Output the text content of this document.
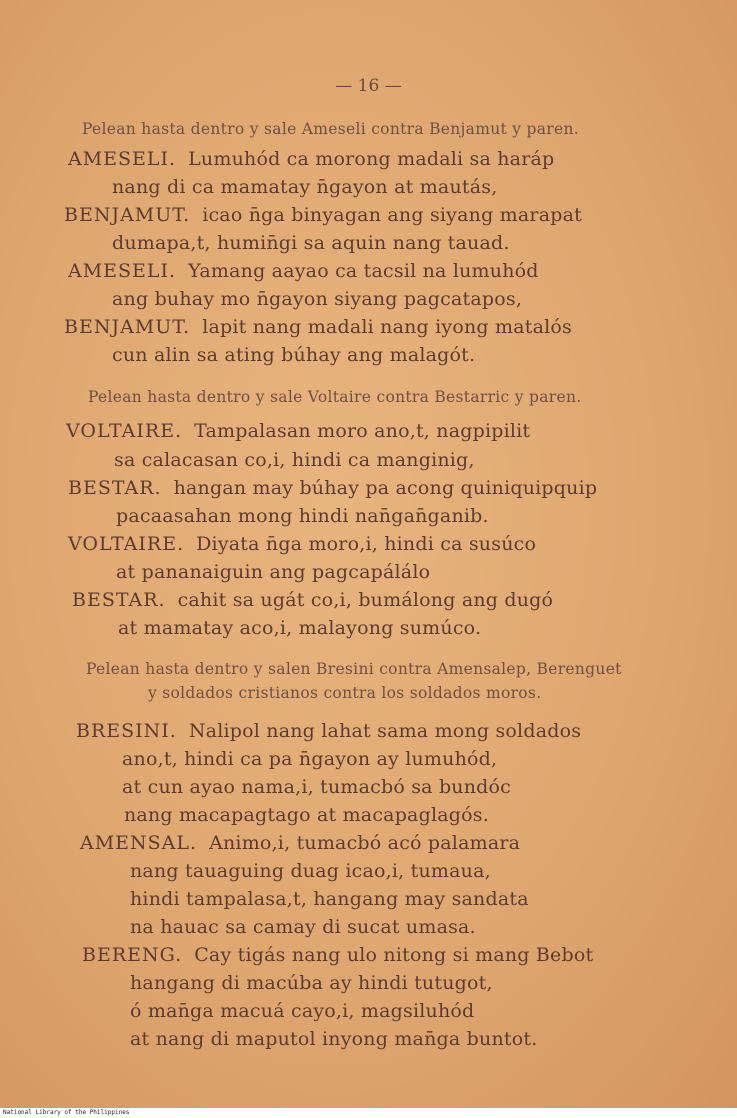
— 16 —
Pelean hasta dentro y sale Ameseli contra Benjamut y paren.
AMESELI. Lumuhód ca morong madali sa haráp
nang di ca mamatay n̄gayon at mautás,
BENJAMUT. icao n̄ga binyagan ang siyang marapat
dumapa,t, humin̄gi sa aquin nang tauad.
AMESELI. Yamang aayao ca tacsil na lumuhód
ang buhay mo n̄gayon siyang pagcatapos,
BENJAMUT. lapit nang madali nang iyong matalós
cun alin sa ating búhay ang malagót.
Pelean hasta dentro y sale Voltaire contra Bestarric y paren.
VOLTAIRE. Tampalasan moro ano,t, nagpipilit
sa calacasan co,i, hindi ca manginig,
BESTAR. hangan may búhay pa acong quiniquipquip
pacaasahan mong hindi nan̄gan̄ganib.
VOLTAIRE. Diyata n̄ga moro,i, hindi ca susúco
at pananaiguin ang pagcapálálo
BESTAR. cahit sa ugát co,i, bumálong ang dugó
at mamatay aco,i, malayong sumúco.
Pelean hasta dentro y salen Bresini contra Amensalep, Berenguet
y soldados cristianos contra los soldados moros.
BRESINI. Nalipol nang lahat sama mong soldados
ano,t, hindi ca pa n̄gayon ay lumuhód,
at cun ayao nama,i, tumacbó sa bundóc
nang macapagtago at macapaglagós.
AMENSAL. Animo,i, tumacbó acó palamara
nang tauaguing duag icao,i, tumaua,
hindi tampalasa,t, hangang may sandata
na hauac sa camay di sucat umasa.
BERENG. Cay tigás nang ulo nitong si mang Bebot
hangang di macúba ay hindi tutugot,
ó man̄ga macuá cayo,i, magsiluhód
at nang di maputol inyong man̄ga buntot.
National Library of the Philippines
